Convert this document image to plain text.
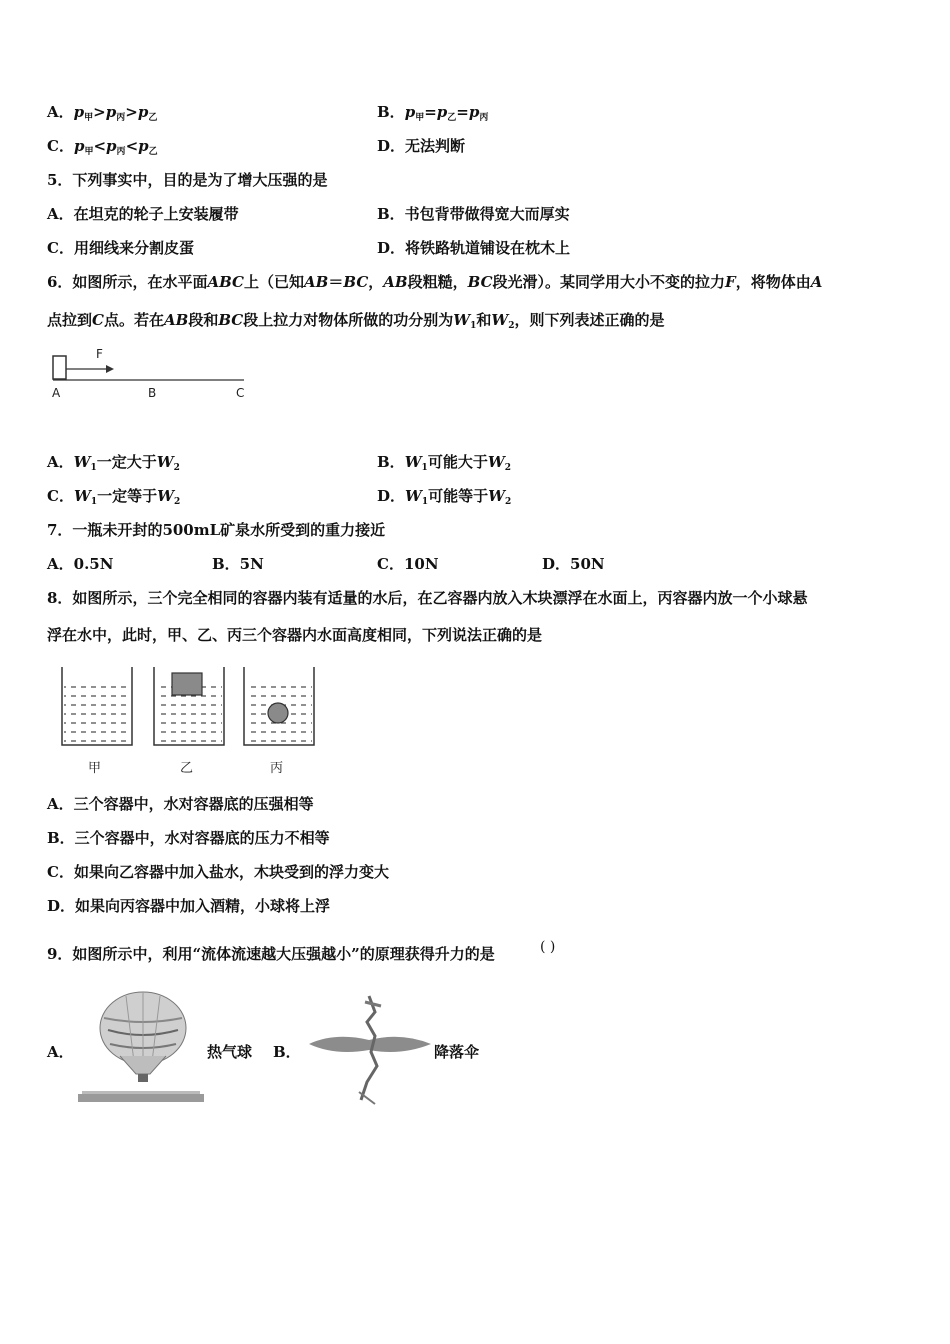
A．$p_甲>p_丙>p_乙$	B．$p_甲=p_乙=p_丙$
C．$p_甲<p_丙<p_乙$	D．无法判断
5．下列事实中，目的是为了增大压强的是
A．在坦克的轮子上安装履带	B．书包背带做得宽大而厚实
C．用细线来分割皮蛋	D．将铁路轨道铺设在枕木上
6．如图所示，在水平面ABC上（已知AB＝BC，AB段粗糙，BC段光滑）。某同学用大小不变的拉力F，将物体由A
点拉到C点。若在AB段和BC段上拉力对物体所做的功分别为$W_1$和$W_2$，则下列表述正确的是
F
A	B	C
A．$W_1$一定大于$W_2$	B．$W_1$可能大于$W_2$
C．$W_1$一定等于$W_2$	D．$W_1$可能等于$W_2$
7．一瓶未开封的500mL矿泉水所受到的重力接近
A．0.5N	B．5N	C．10N	D．50N
8．如图所示，三个完全相同的容器内装有适量的水后，在乙容器内放入木块漂浮在水面上，丙容器内放一个小球悬
浮在水中，此时，甲、乙、丙三个容器内水面高度相同，下列说法正确的是
甲	乙	丙
A．三个容器中，水对容器底的压强相等
B．三个容器中，水对容器底的压力不相等
C．如果向乙容器中加入盐水，木块受到的浮力变大
D．如果向丙容器中加入酒精，小球将上浮
9．如图所示中，利用“流体流速越大压强越小”的原理获得升力的是	( )
A．	热气球 B．	降落伞
